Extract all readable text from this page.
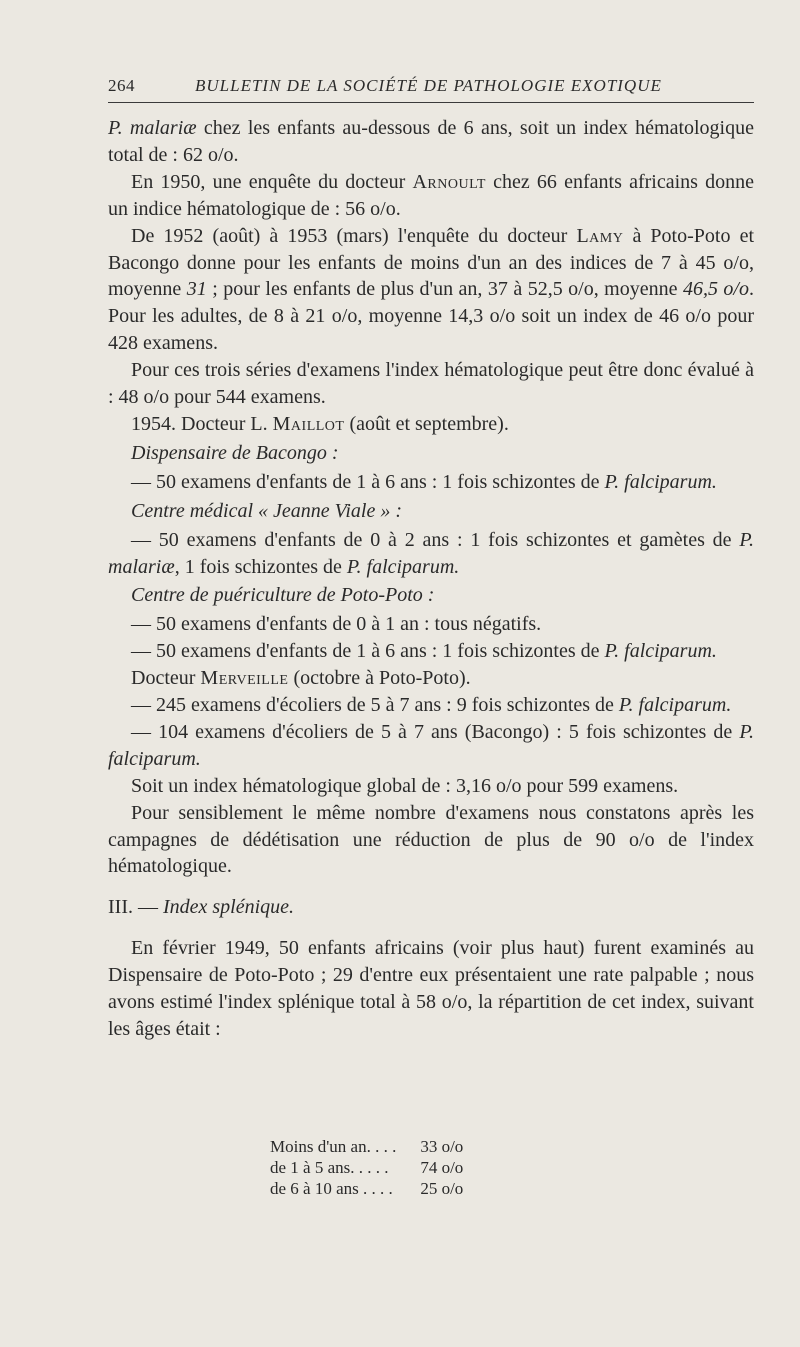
264	BULLETIN DE LA SOCIÉTÉ DE PATHOLOGIE EXOTIQUE

P. malariæ chez les enfants au-dessous de 6 ans, soit un index hématologique total de : 62 o/o.

En 1950, une enquête du docteur Arnoult chez 66 enfants africains donne un indice hématologique de : 56 o/o.

De 1952 (août) à 1953 (mars) l'enquête du docteur Lamy à Poto-Poto et Bacongo donne pour les enfants de moins d'un an des indices de 7 à 45 o/o, moyenne 31 ; pour les enfants de plus d'un an, 37 à 52,5 o/o, moyenne 46,5 o/o. Pour les adultes, de 8 à 21 o/o, moyenne 14,3 o/o soit un index de 46 o/o pour 428 examens.

Pour ces trois séries d'examens l'index hématologique peut être donc évalué à : 48 o/o pour 544 examens.

1954. Docteur L. Maillot (août et septembre).

Dispensaire de Bacongo :

— 50 examens d'enfants de 1 à 6 ans : 1 fois schizontes de P. falciparum.

Centre médical « Jeanne Viale » :

— 50 examens d'enfants de 0 à 2 ans : 1 fois schizontes et gamètes de P. malariæ, 1 fois schizontes de P. falciparum.

Centre de puériculture de Poto-Poto :

— 50 examens d'enfants de 0 à 1 an : tous négatifs.

— 50 examens d'enfants de 1 à 6 ans : 1 fois schizontes de P. falciparum.

Docteur Merveille (octobre à Poto-Poto).

— 245 examens d'écoliers de 5 à 7 ans : 9 fois schizontes de P. falciparum.

— 104 examens d'écoliers de 5 à 7 ans (Bacongo) : 5 fois schizontes de P. falciparum.

Soit un index hématologique global de : 3,16 o/o pour 599 examens.

Pour sensiblement le même nombre d'examens nous constatons après les campagnes de dédétisation une réduction de plus de 90 o/o de l'index hématologique.

III. — Index splénique.

En février 1949, 50 enfants africains (voir plus haut) furent examinés au Dispensaire de Poto-Poto ; 29 d'entre eux présentaient une rate palpable ; nous avons estimé l'index splénique total à 58 o/o, la répartition de cet index, suivant les âges était :

Moins d'un an. . . .	33 o/o
de 1 à 5 ans. . . . .	74 o/o
de 6 à 10 ans . . . .	25 o/o
